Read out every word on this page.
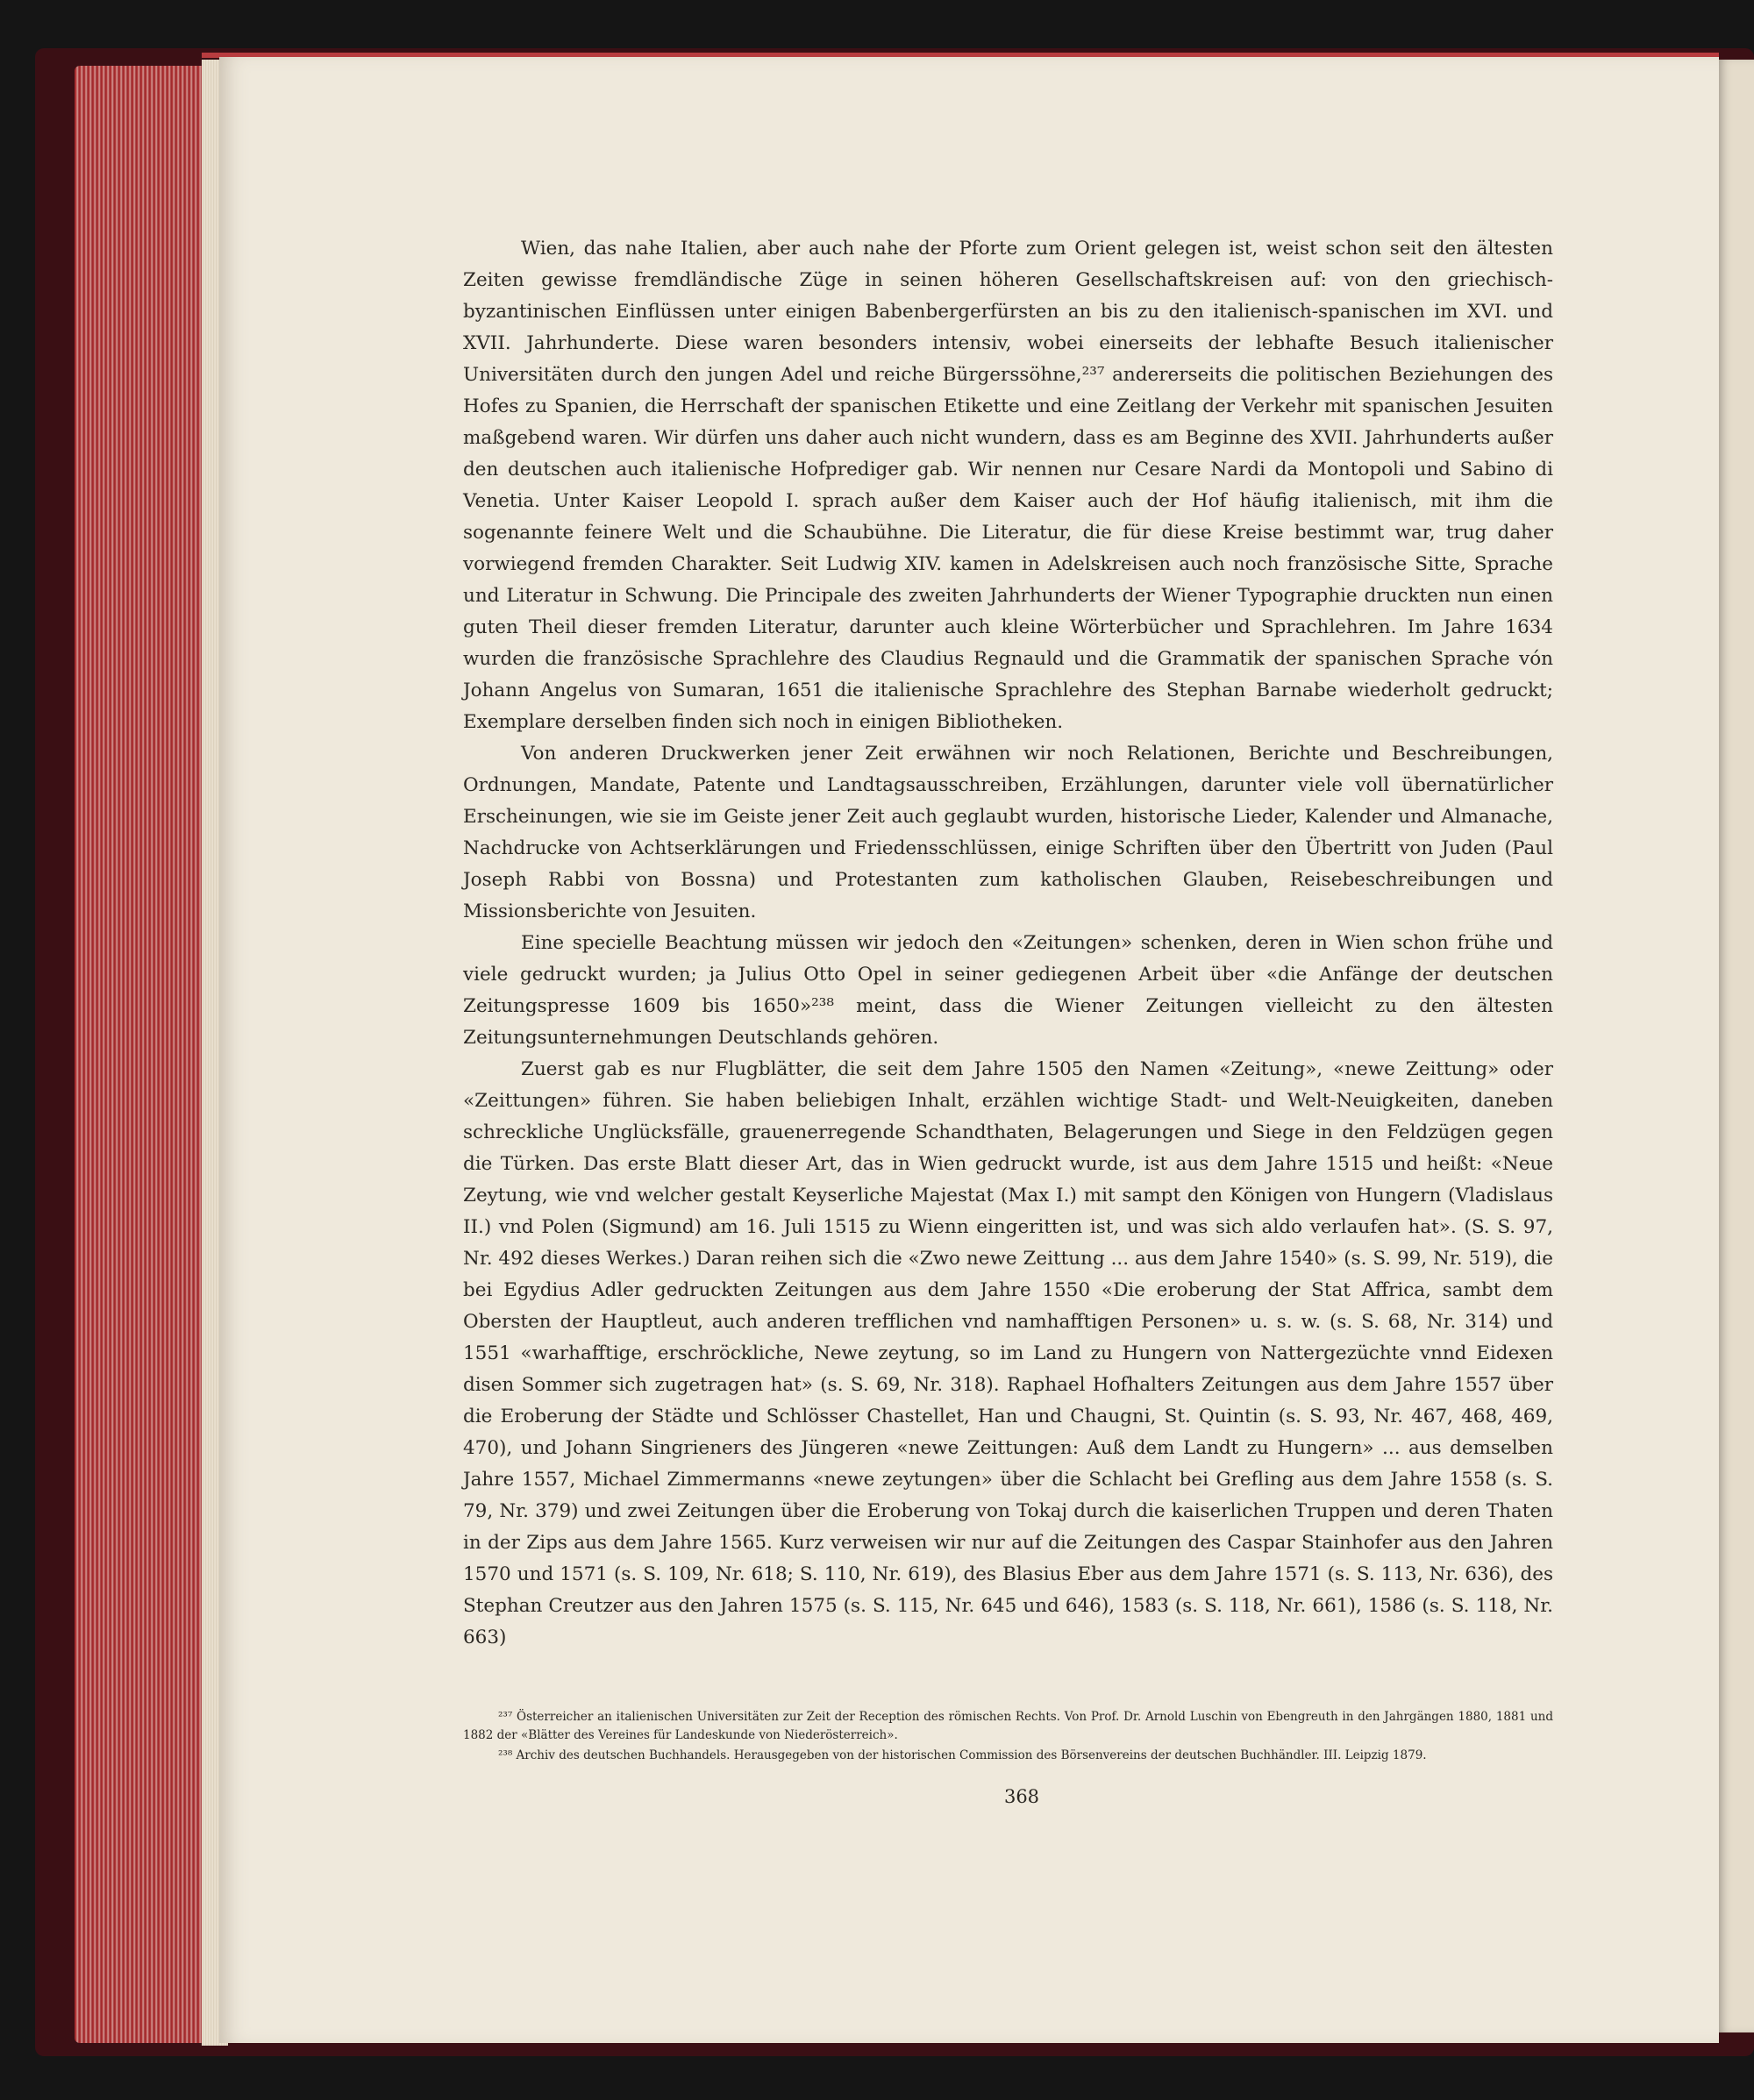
Wien, das nahe Italien, aber auch nahe der Pforte zum Orient gelegen ist, weist schon seit den ältesten Zeiten gewisse fremdländische Züge in seinen höheren Gesellschaftskreisen auf: von den griechisch-byzantinischen Einflüssen unter einigen Babenbergerfürsten an bis zu den italienisch-spanischen im XVI. und XVII. Jahrhunderte. Diese waren besonders intensiv, wobei einerseits der lebhafte Besuch italienischer Universitäten durch den jungen Adel und reiche Bürgerssöhne,²³⁷ andererseits die politischen Beziehungen des Hofes zu Spanien, die Herrschaft der spanischen Etikette und eine Zeitlang der Verkehr mit spanischen Jesuiten maßgebend waren. Wir dürfen uns daher auch nicht wundern, dass es am Beginne des XVII. Jahrhunderts außer den deutschen auch italienische Hofprediger gab. Wir nennen nur Cesare Nardi da Montopoli und Sabino di Venetia. Unter Kaiser Leopold I. sprach außer dem Kaiser auch der Hof häufig italienisch, mit ihm die sogenannte feinere Welt und die Schaubühne. Die Literatur, die für diese Kreise bestimmt war, trug daher vorwiegend fremden Charakter. Seit Ludwig XIV. kamen in Adelskreisen auch noch französische Sitte, Sprache und Literatur in Schwung. Die Principale des zweiten Jahrhunderts der Wiener Typographie druckten nun einen guten Theil dieser fremden Literatur, darunter auch kleine Wörterbücher und Sprachlehren. Im Jahre 1634 wurden die französische Sprachlehre des Claudius Regnauld und die Grammatik der spanischen Sprache vón Johann Angelus von Sumaran, 1651 die italienische Sprachlehre des Stephan Barnabe wiederholt gedruckt; Exemplare derselben finden sich noch in einigen Bibliotheken.

Von anderen Druckwerken jener Zeit erwähnen wir noch Relationen, Berichte und Beschreibungen, Ordnungen, Mandate, Patente und Landtagsausschreiben, Erzählungen, darunter viele voll übernatürlicher Erscheinungen, wie sie im Geiste jener Zeit auch geglaubt wurden, historische Lieder, Kalender und Almanache, Nachdrucke von Achtserklärungen und Friedensschlüssen, einige Schriften über den Übertritt von Juden (Paul Joseph Rabbi von Bossna) und Protestanten zum katholischen Glauben, Reisebeschreibungen und Missionsberichte von Jesuiten.

Eine specielle Beachtung müssen wir jedoch den «Zeitungen» schenken, deren in Wien schon frühe und viele gedruckt wurden; ja Julius Otto Opel in seiner gediegenen Arbeit über «die Anfänge der deutschen Zeitungspresse 1609 bis 1650»²³⁸ meint, dass die Wiener Zeitungen vielleicht zu den ältesten Zeitungsunternehmungen Deutschlands gehören.

Zuerst gab es nur Flugblätter, die seit dem Jahre 1505 den Namen «Zeitung», «newe Zeittung» oder «Zeittungen» führen. Sie haben beliebigen Inhalt, erzählen wichtige Stadt- und Welt-Neuigkeiten, daneben schreckliche Unglücksfälle, grauenerregende Schandthaten, Belagerungen und Siege in den Feldzügen gegen die Türken. Das erste Blatt dieser Art, das in Wien gedruckt wurde, ist aus dem Jahre 1515 und heißt: «Neue Zeytung, wie vnd welcher gestalt Keyserliche Majestat (Max I.) mit sampt den Königen von Hungern (Vladislaus II.) vnd Polen (Sigmund) am 16. Juli 1515 zu Wienn eingeritten ist, und was sich aldo verlaufen hat». (S. S. 97, Nr. 492 dieses Werkes.) Daran reihen sich die «Zwo newe Zeittung ... aus dem Jahre 1540» (s. S. 99, Nr. 519), die bei Egydius Adler gedruckten Zeitungen aus dem Jahre 1550 «Die eroberung der Stat Affrica, sambt dem Obersten der Hauptleut, auch anderen trefflichen vnd namhafftigen Personen» u. s. w. (s. S. 68, Nr. 314) und 1551 «warhafftige, erschröckliche, Newe zeytung, so im Land zu Hungern von Nattergezüchte vnnd Eidexen disen Sommer sich zugetragen hat» (s. S. 69, Nr. 318). Raphael Hofhalters Zeitungen aus dem Jahre 1557 über die Eroberung der Städte und Schlösser Chastellet, Han und Chaugni, St. Quintin (s. S. 93, Nr. 467, 468, 469, 470), und Johann Singrieners des Jüngeren «newe Zeittungen: Auß dem Landt zu Hungern» ... aus demselben Jahre 1557, Michael Zimmermanns «newe zeytungen» über die Schlacht bei Grefling aus dem Jahre 1558 (s. S. 79, Nr. 379) und zwei Zeitungen über die Eroberung von Tokaj durch die kaiserlichen Truppen und deren Thaten in der Zips aus dem Jahre 1565. Kurz verweisen wir nur auf die Zeitungen des Caspar Stainhofer aus den Jahren 1570 und 1571 (s. S. 109, Nr. 618; S. 110, Nr. 619), des Blasius Eber aus dem Jahre 1571 (s. S. 113, Nr. 636), des Stephan Creutzer aus den Jahren 1575 (s. S. 115, Nr. 645 und 646), 1583 (s. S. 118, Nr. 661), 1586 (s. S. 118, Nr. 663)

²³⁷ Österreicher an italienischen Universitäten zur Zeit der Reception des römischen Rechts. Von Prof. Dr. Arnold Luschin von Ebengreuth in den Jahrgängen 1880, 1881 und 1882 der «Blätter des Vereines für Landeskunde von Niederösterreich».

²³⁸ Archiv des deutschen Buchhandels. Herausgegeben von der historischen Commission des Börsenvereins der deutschen Buchhändler. III. Leipzig 1879.

368
